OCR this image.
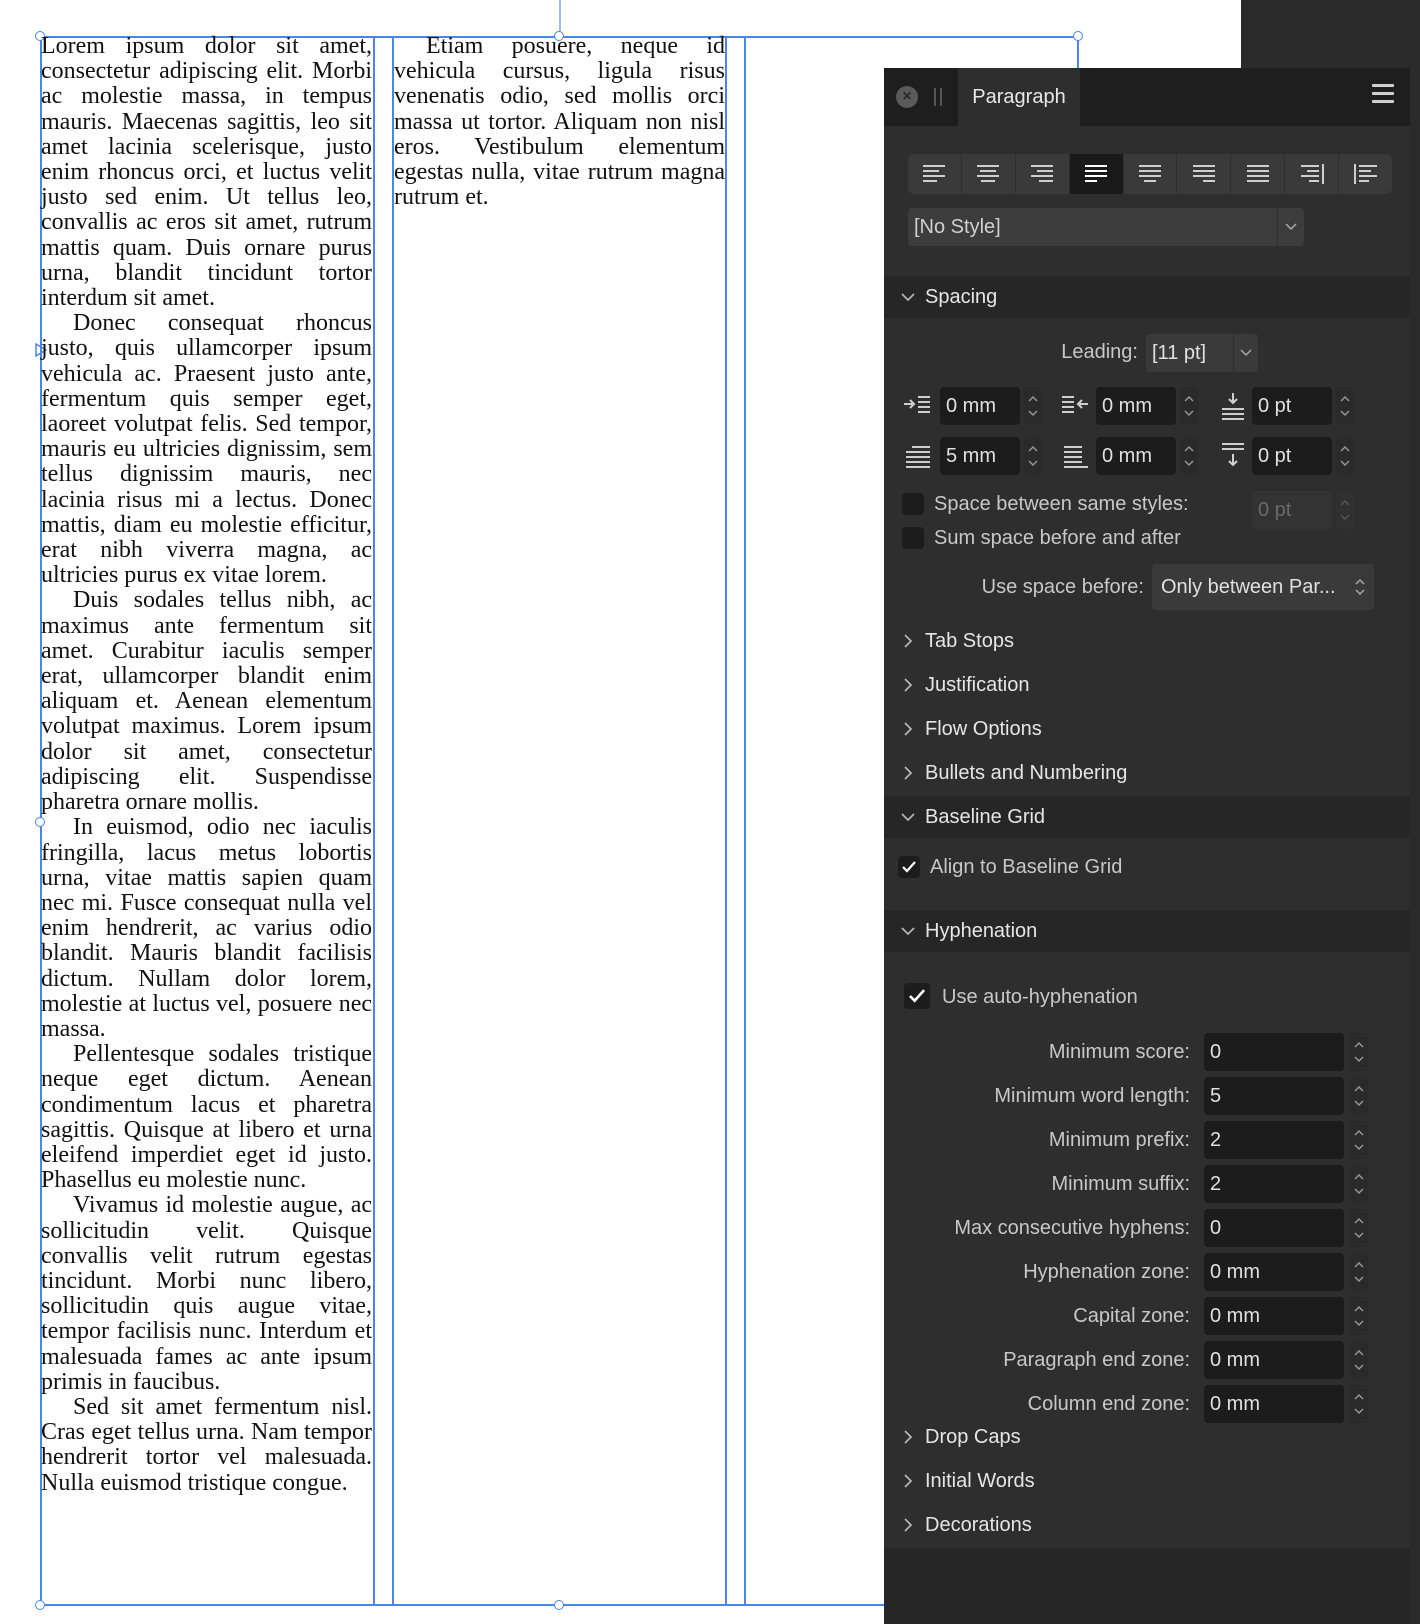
Lorem ipsum dolor sit amet, consectetur adipiscing elit. Morbi ac molestie massa, in tempus mauris. Maecenas sagittis, leo sit amet lacinia scelerisque, justo enim rhoncus orci, et luctus velit justo sed enim. Ut tellus leo, convallis ac eros sit amet, rutrum mattis quam. Duis ornare purus urna, blandit tincidunt tortor interdum sit amet.

Donec consequat rhoncus justo, quis ullamcorper ipsum vehicula ac. Praesent justo ante, fermentum quis semper eget, laoreet volutpat felis. Sed tempor, mauris eu ultricies dignissim, sem tellus dignissim mauris, nec lacinia risus mi a lectus. Donec mattis, diam eu molestie efficitur, erat nibh viverra magna, ac ultricies purus ex vitae lorem.

Duis sodales tellus nibh, ac maximus ante fermentum sit amet. Curabitur iaculis semper erat, ullamcorper blandit enim aliquam et. Aenean elementum volutpat maximus. Lorem ipsum dolor sit amet, consectetur adipiscing elit. Suspendisse pharetra ornare mollis.

In euismod, odio nec iaculis fringilla, lacus metus lobortis urna, vitae mattis sapien quam nec mi. Fusce consequat nulla vel enim hendrerit, ac varius odio blandit. Mauris blandit facilisis dictum. Nullam dolor lorem, molestie at luctus vel, posuere nec massa.

Pellentesque sodales tristique neque eget dictum. Aenean condimentum lacus et pharetra sagittis. Quisque at libero et urna eleifend imperdiet eget id justo. Phasellus eu molestie nunc.

Vivamus id molestie augue, ac sollicitudin velit. Quisque convallis velit rutrum egestas tincidunt. Morbi nunc libero, sollicitudin quis augue vitae, tempor facilisis nunc. Interdum et malesuada fames ac ante ipsum primis in faucibus.

Sed sit amet fermentum nisl. Cras eget tellus urna. Nam tempor hendrerit tortor vel malesuada. Nulla euismod tristique congue.

Etiam posuere, neque id vehicula cursus, ligula risus venenatis odio, sed mollis orci massa ut tortor. Aliquam non nisl eros. Vestibulum elementum egestas nulla, vitae rutrum magna rutrum et.

×	Paragraph
[No Style]
Spacing
Leading: [11 pt]
0 mm	0 mm	0 pt
5 mm	0 mm	0 pt
Space between same styles:	0 pt
Sum space before and after
Use space before: Only between Par...
Tab Stops
Justification
Flow Options
Bullets and Numbering
Baseline Grid
Align to Baseline Grid
Hyphenation
Use auto-hyphenation
Minimum score:	0
Minimum word length:	5
Minimum prefix:	2
Minimum suffix:	2
Max consecutive hyphens:	0
Hyphenation zone:	0 mm
Capital zone:	0 mm
Paragraph end zone:	0 mm
Column end zone:	0 mm
Drop Caps
Initial Words
Decorations
